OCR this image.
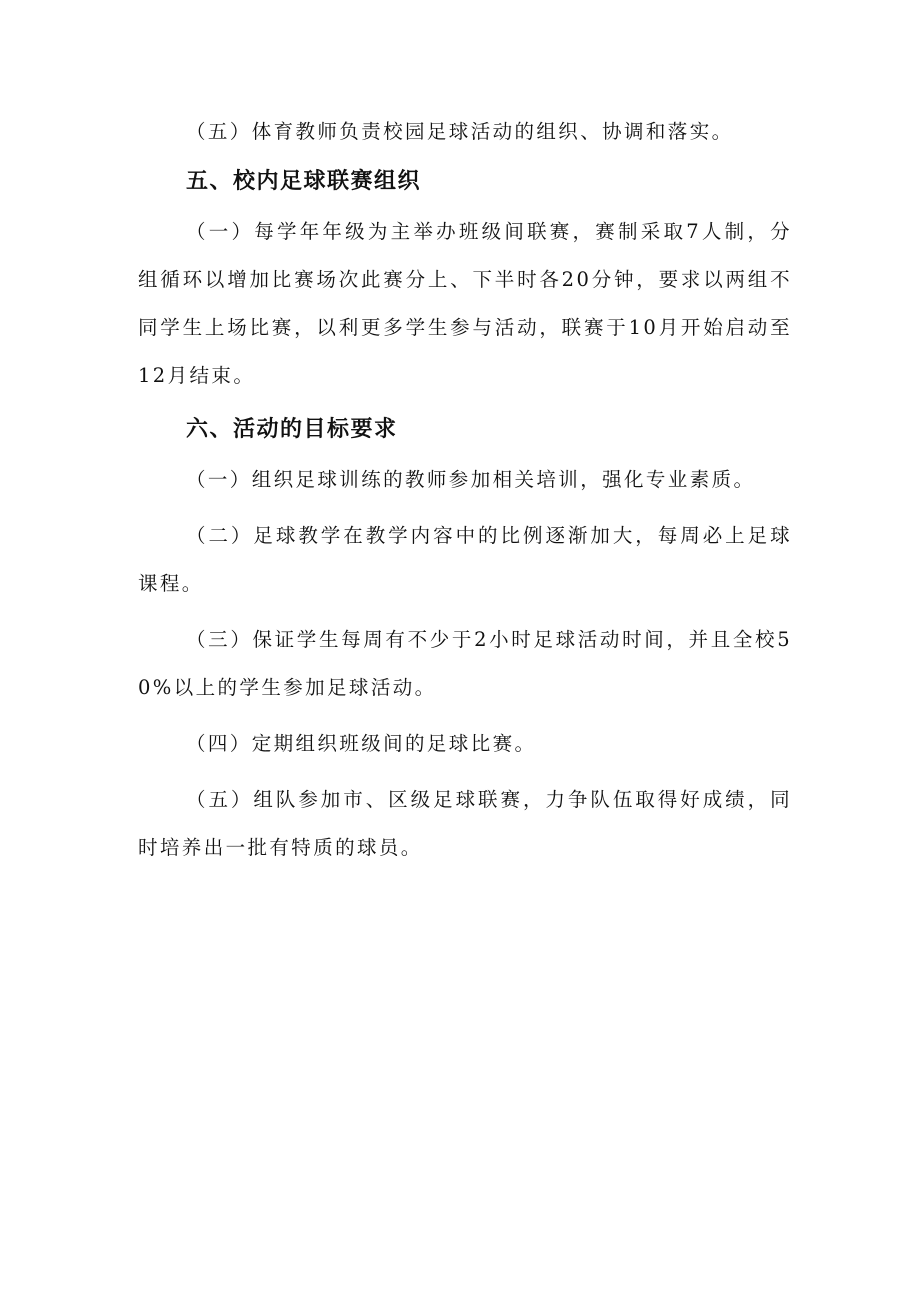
（五）体育教师负责校园足球活动的组织、协调和落实。

五、校内足球联赛组织

（一）每学年年级为主举办班级间联赛，赛制采取7人制，分组循环以增加比赛场次此赛分上、下半时各20分钟，要求以两组不同学生上场比赛，以利更多学生参与活动，联赛于10月开始启动至12月结束。

六、活动的目标要求

（一）组织足球训练的教师参加相关培训，强化专业素质。

（二）足球教学在教学内容中的比例逐渐加大，每周必上足球课程。

（三）保证学生每周有不少于2小时足球活动时间，并且全校50%以上的学生参加足球活动。

（四）定期组织班级间的足球比赛。

（五）组队参加市、区级足球联赛，力争队伍取得好成绩，同时培养出一批有特质的球员。
